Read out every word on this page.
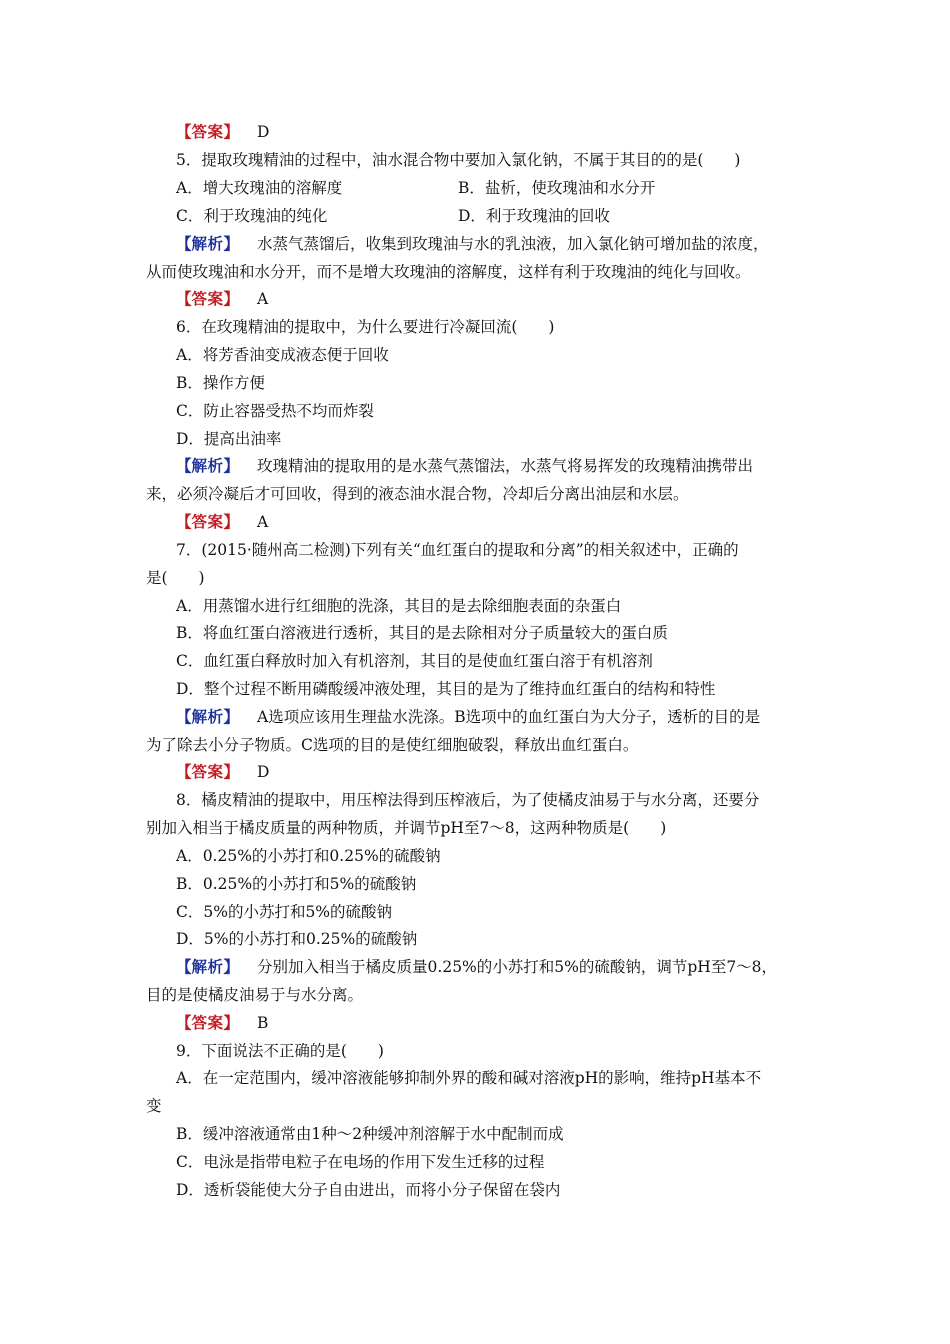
【答案】 D
5．提取玫瑰精油的过程中，油水混合物中要加入氯化钠，不属于其目的的是(　　)
A．增大玫瑰油的溶解度	B．盐析，使玫瑰油和水分开
C．利于玫瑰油的纯化	D．利于玫瑰油的回收
【解析】 水蒸气蒸馏后，收集到玫瑰油与水的乳浊液，加入氯化钠可增加盐的浓度，
从而使玫瑰油和水分开，而不是增大玫瑰油的溶解度，这样有利于玫瑰油的纯化与回收。
【答案】 A
6．在玫瑰精油的提取中，为什么要进行冷凝回流(　　)
A．将芳香油变成液态便于回收
B．操作方便
C．防止容器受热不均而炸裂
D．提高出油率
【解析】 玫瑰精油的提取用的是水蒸气蒸馏法，水蒸气将易挥发的玫瑰精油携带出
来，必须冷凝后才可回收，得到的液态油水混合物，冷却后分离出油层和水层。
【答案】 A
7．(2015·随州高二检测)下列有关“血红蛋白的提取和分离”的相关叙述中，正确的
是(　　)
A．用蒸馏水进行红细胞的洗涤，其目的是去除细胞表面的杂蛋白
B．将血红蛋白溶液进行透析，其目的是去除相对分子质量较大的蛋白质
C．血红蛋白释放时加入有机溶剂，其目的是使血红蛋白溶于有机溶剂
D．整个过程不断用磷酸缓冲液处理，其目的是为了维持血红蛋白的结构和特性
【解析】 A选项应该用生理盐水洗涤。B选项中的血红蛋白为大分子，透析的目的是
为了除去小分子物质。C选项的目的是使红细胞破裂，释放出血红蛋白。
【答案】 D
8．橘皮精油的提取中，用压榨法得到压榨液后，为了使橘皮油易于与水分离，还要分
别加入相当于橘皮质量的两种物质，并调节pH至7～8，这两种物质是(　　)
A．0.25%的小苏打和0.25%的硫酸钠
B．0.25%的小苏打和5%的硫酸钠
C．5%的小苏打和5%的硫酸钠
D．5%的小苏打和0.25%的硫酸钠
【解析】 分别加入相当于橘皮质量0.25%的小苏打和5%的硫酸钠，调节pH至7～8，
目的是使橘皮油易于与水分离。
【答案】 B
9．下面说法不正确的是(　　)
A．在一定范围内，缓冲溶液能够抑制外界的酸和碱对溶液pH的影响，维持pH基本不
变
B．缓冲溶液通常由1种～2种缓冲剂溶解于水中配制而成
C．电泳是指带电粒子在电场的作用下发生迁移的过程
D．透析袋能使大分子自由进出，而将小分子保留在袋内
